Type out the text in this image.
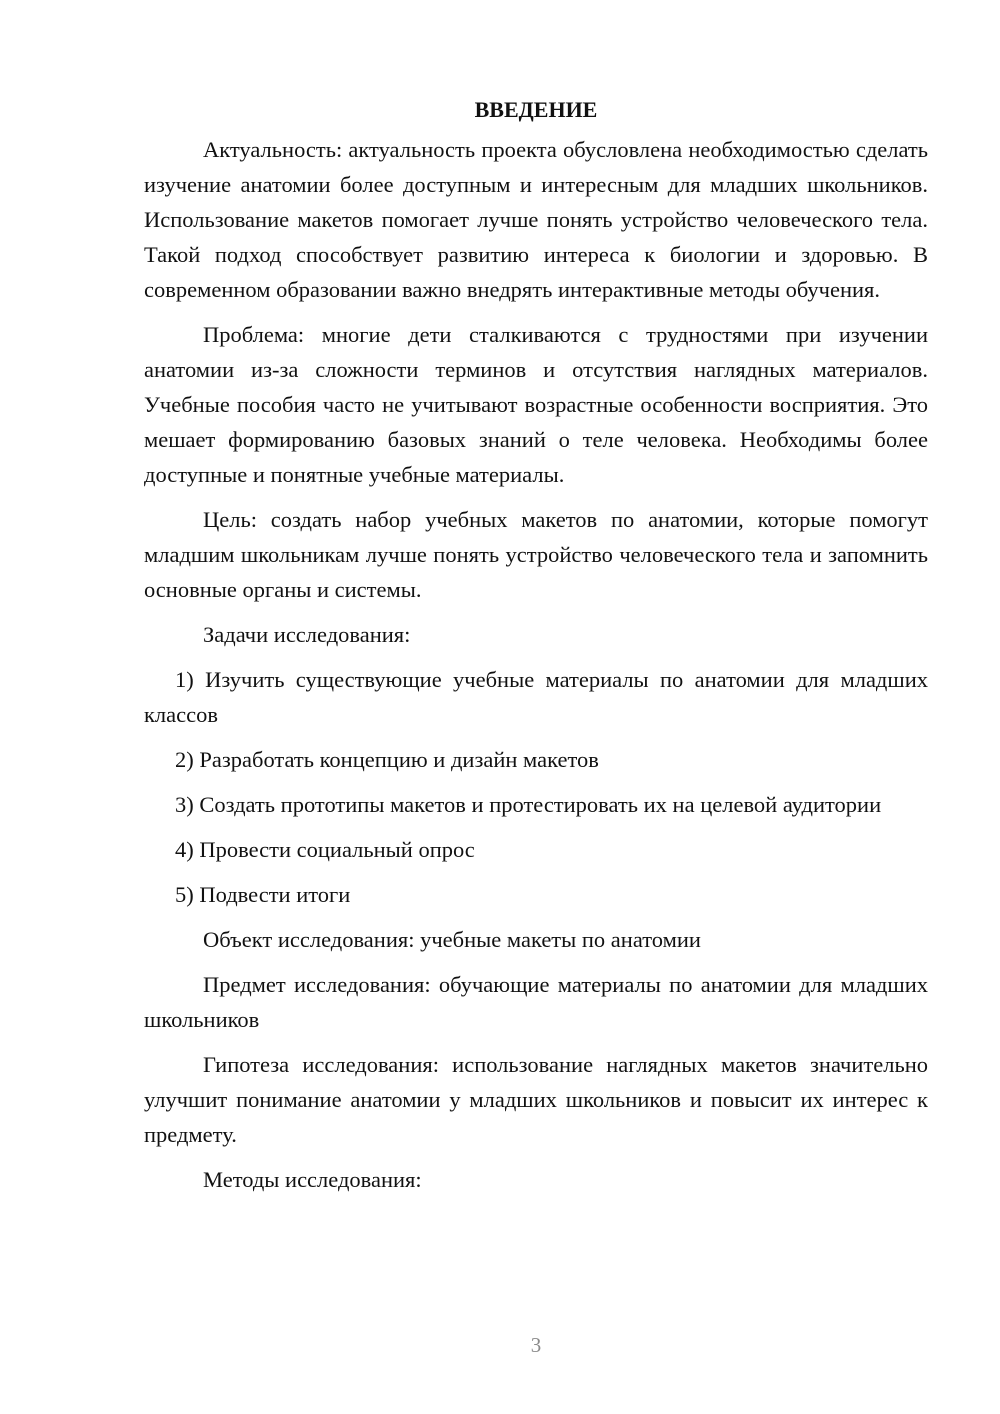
ВВЕДЕНИЕ

Актуальность: актуальность проекта обусловлена необходимостью сделать изучение анатомии более доступным и интересным для младших школьников. Использование макетов помогает лучше понять устройство человеческого тела. Такой подход способствует развитию интереса к биологии и здоровью. В современном образовании важно внедрять интерактивные методы обучения.

Проблема: многие дети сталкиваются с трудностями при изучении анатомии из-за сложности терминов и отсутствия наглядных материалов. Учебные пособия часто не учитывают возрастные особенности восприятия. Это мешает формированию базовых знаний о теле человека. Необходимы более доступные и понятные учебные материалы.

Цель: создать набор учебных макетов по анатомии, которые помогут младшим школьникам лучше понять устройство человеческого тела и запомнить основные органы и системы.

Задачи исследования:

1) Изучить существующие учебные материалы по анатомии для младших классов

2) Разработать концепцию и дизайн макетов

3) Создать прототипы макетов и протестировать их на целевой аудитории

4) Провести социальный опрос

5) Подвести итоги

Объект исследования: учебные макеты по анатомии

Предмет исследования: обучающие материалы по анатомии для младших школьников

Гипотеза исследования: использование наглядных макетов значительно улучшит понимание анатомии у младших школьников и повысит их интерес к предмету.

Методы исследования:

3
